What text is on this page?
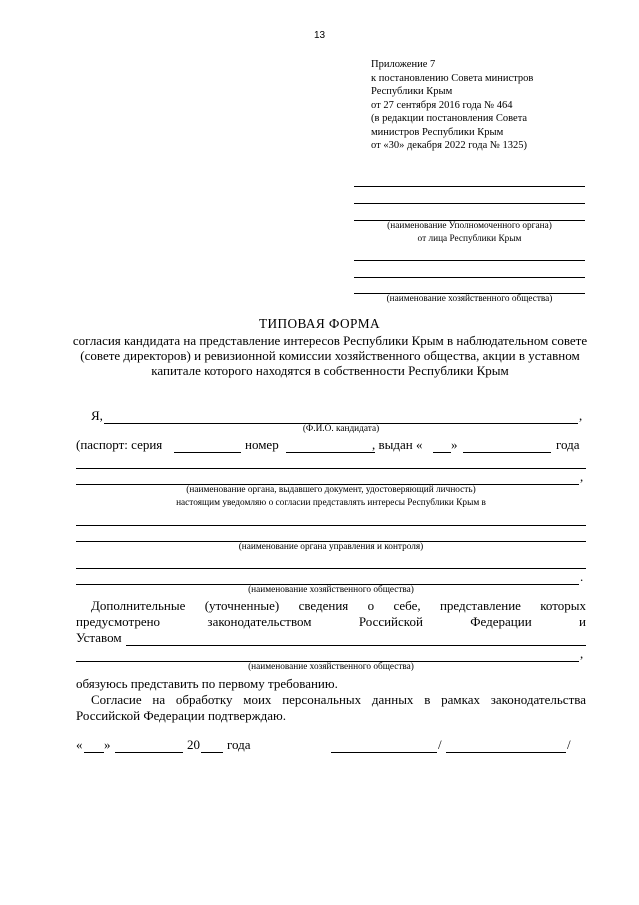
13
Приложение 7
к постановлению Совета министров
Республики Крым
от 27 сентября 2016 года № 464
(в редакции постановления Совета
министров Республики Крым
от «30» декабря 2022 года № 1325)
(наименование Уполномоченного органа)
от лица Республики Крым
(наименование хозяйственного общества)
ТИПОВАЯ ФОРМА
согласия кандидата на представление интересов Республики Крым в наблюдательном совете (совете директоров) и ревизионной комиссии хозяйственного общества, акции в уставном капитале которого находятся в собственности Республики Крым
Я,	,
(Ф.И.О. кандидата)
(паспорт: серия	номер	, выдан « »	года
,
(наименование органа, выдавшего документ, удостоверяющий личность)
настоящим уведомляю о согласии представлять интересы Республики Крым в
(наименование органа управления и контроля)
.
(наименование хозяйственного общества)
Дополнительные (уточненные) сведения о себе, представление которых
предусмотрено законодательством Российской Федерации и
Уставом
,
(наименование хозяйственного общества)
обязуюсь представить по первому требованию.
Согласие на обработку моих персональных данных в рамках законодательства
Российской Федерации подтверждаю.
« »	20 года	/	/
